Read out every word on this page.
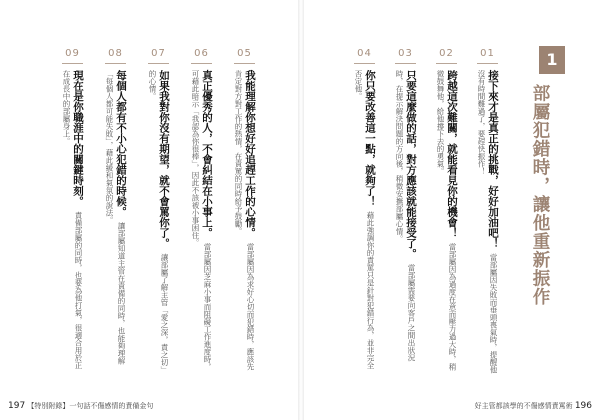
09
現在是你職涯中的關鍵時刻。 責備部屬的同時，也要為他打氣，很適合用於正在成長中的部屬身上。
08
每個人都有不小心犯錯的時候。 讓部屬知道主管在責備的同時，也能夠理解「每個人都可能失敗」，藉此緩和氣氛的說法。
07
如果我對你沒有期望，就不會罵你了。 讓部屬了解主管「愛之深，責之切」的心情。
06
真正優秀的人，不會糾結在小事上。 當部屬因芝麻小事而阻礙工作進度時，可藉此暗示「我認為你很棒」，因此不該被小事困住。
05
我能理解你想好好追趕工作的心情。 當部屬因為求好心切而犯錯時，應該先肯定對方對工作的熱情，在責罵的同時給予鼓勵。
197 【特別附錄】一句話不傷感情的責備金句
04
你只要改善這一點，就夠了！ 藉此強調你的責罵只是針對犯錯行為，並非完全否定他。
03
只要這麼做的話，對方應該就能接受了。 當部屬需要向客戶之間出狀況時，在提示解決問題的方向後，稍微安撫部屬心情。
02
跨越這次難關，就能看見你的機會！ 當部屬因為過度在意而壓力過大時，稍微鼓舞他，給他撐下去的勇氣。
01
接下來才是真正的挑戰，好好加油吧！ 當部屬因失敗而垂頭喪氣時，提醒他沒有時間難過了，要趕快振作！
1
部屬犯錯時，讓他重新振作
好主管都該學的不傷感情責罵術 196
